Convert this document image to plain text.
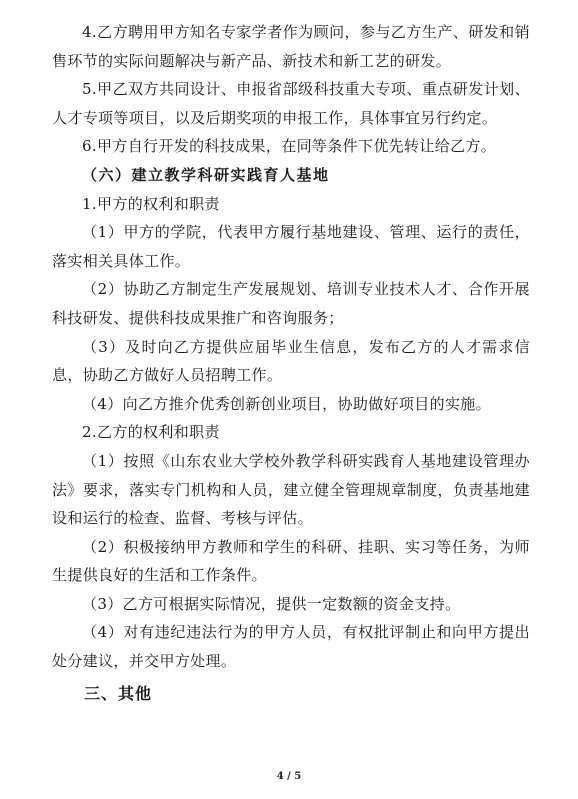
4.乙方聘用甲方知名专家学者作为顾问，参与乙方生产、研发和销售环节的实际问题解决与新产品、新技术和新工艺的研发。

5.甲乙双方共同设计、申报省部级科技重大专项、重点研发计划、人才专项等项目，以及后期奖项的申报工作，具体事宜另行约定。

6.甲方自行开发的科技成果，在同等条件下优先转让给乙方。

（六）建立教学科研实践育人基地

1.甲方的权利和职责

（1）甲方的学院，代表甲方履行基地建设、管理、运行的责任，落实相关具体工作。

（2）协助乙方制定生产发展规划、培训专业技术人才、合作开展科技研发、提供科技成果推广和咨询服务；

（3）及时向乙方提供应届毕业生信息，发布乙方的人才需求信息，协助乙方做好人员招聘工作。

（4）向乙方推介优秀创新创业项目，协助做好项目的实施。

2.乙方的权利和职责

（1）按照《山东农业大学校外教学科研实践育人基地建设管理办法》要求，落实专门机构和人员，建立健全管理规章制度，负责基地建设和运行的检查、监督、考核与评估。

（2）积极接纳甲方教师和学生的科研、挂职、实习等任务，为师生提供良好的生活和工作条件。

（3）乙方可根据实际情况，提供一定数额的资金支持。

（4）对有违纪违法行为的甲方人员，有权批评制止和向甲方提出处分建议，并交甲方处理。

三、其他

4 / 5
